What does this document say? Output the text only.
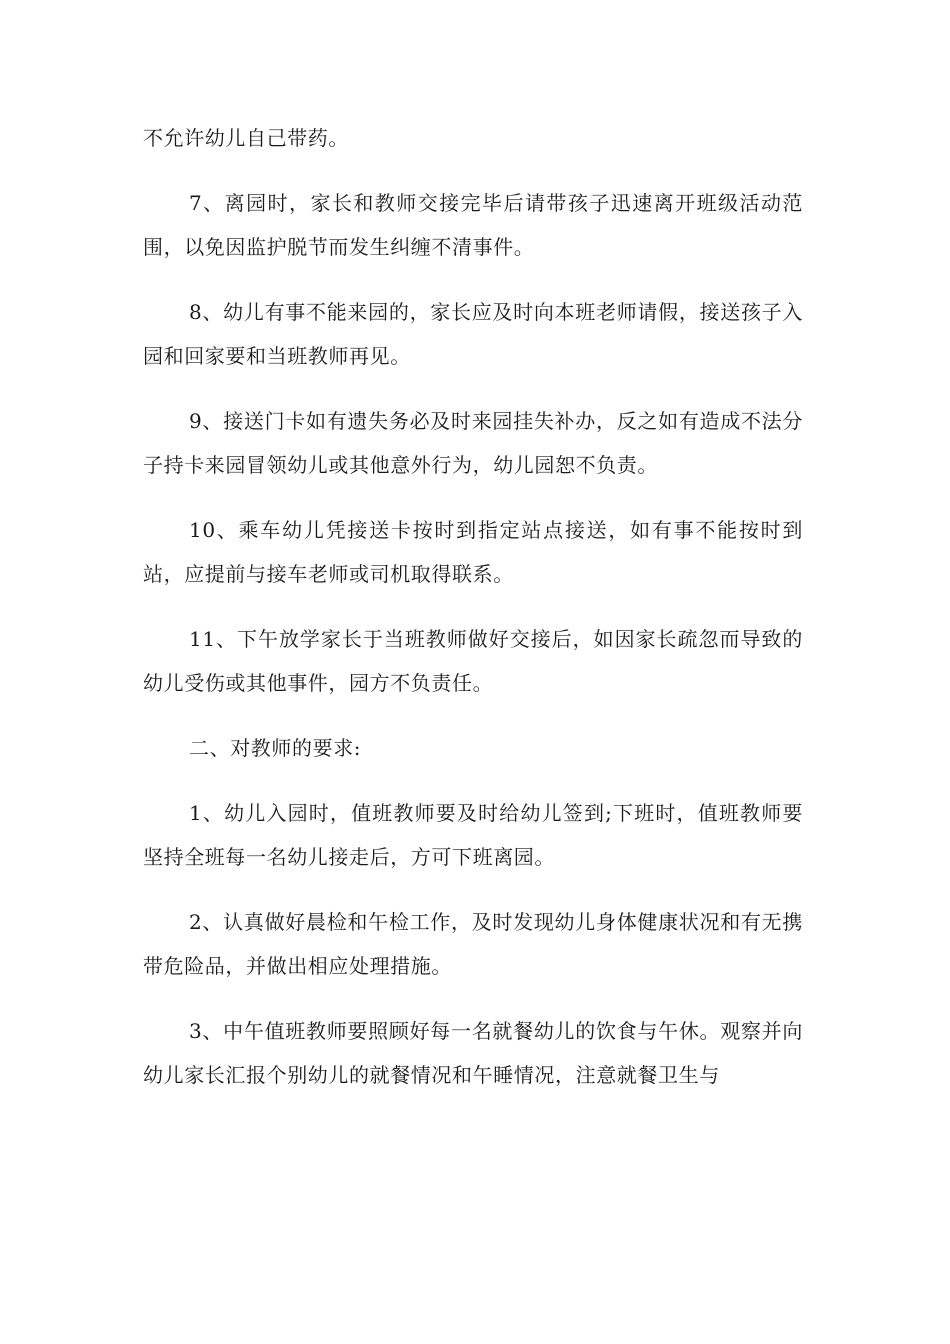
不允许幼儿自己带药。

7、离园时，家长和教师交接完毕后请带孩子迅速离开班级活动范围，以免因监护脱节而发生纠缠不清事件。

8、幼儿有事不能来园的，家长应及时向本班老师请假，接送孩子入园和回家要和当班教师再见。

9、接送门卡如有遗失务必及时来园挂失补办，反之如有造成不法分子持卡来园冒领幼儿或其他意外行为，幼儿园恕不负责。

10、乘车幼儿凭接送卡按时到指定站点接送，如有事不能按时到站，应提前与接车老师或司机取得联系。

11、下午放学家长于当班教师做好交接后，如因家长疏忽而导致的幼儿受伤或其他事件，园方不负责任。

二、对教师的要求:

1、幼儿入园时，值班教师要及时给幼儿签到;下班时，值班教师要坚持全班每一名幼儿接走后，方可下班离园。

2、认真做好晨检和午检工作，及时发现幼儿身体健康状况和有无携带危险品，并做出相应处理措施。

3、中午值班教师要照顾好每一名就餐幼儿的饮食与午休。观察并向幼儿家长汇报个别幼儿的就餐情况和午睡情况，注意就餐卫生与
